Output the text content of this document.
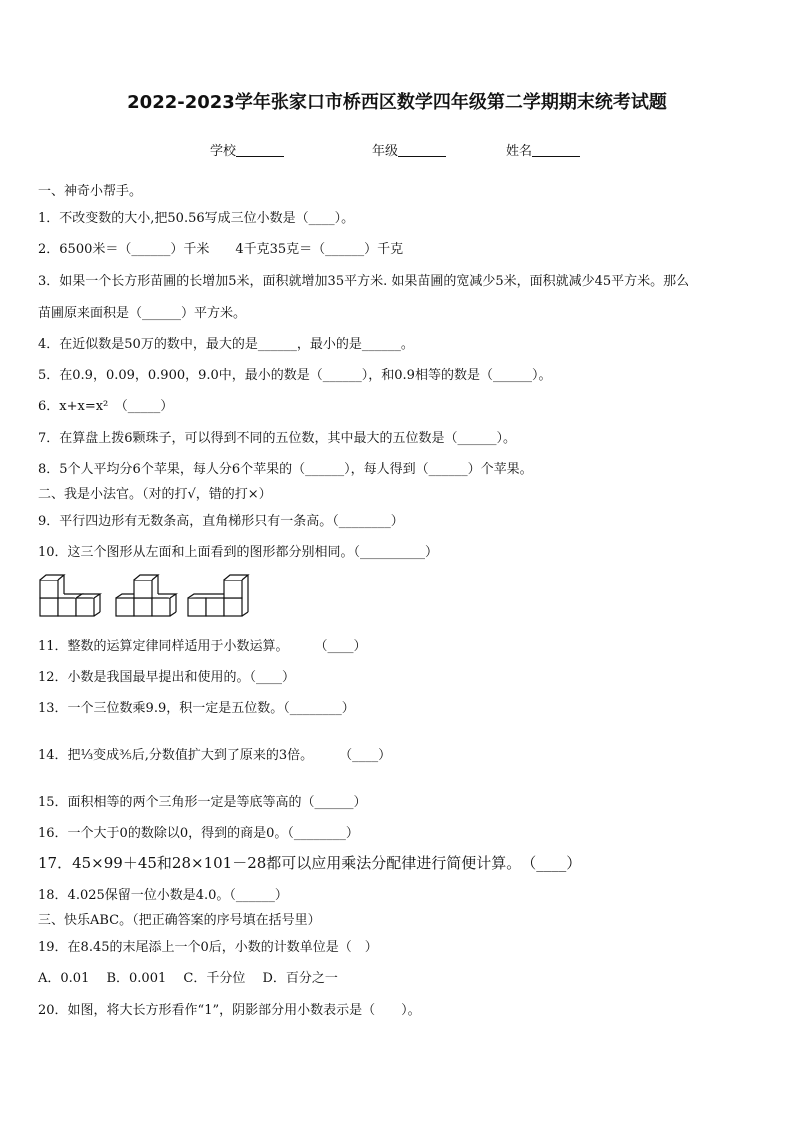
2022-2023学年张家口市桥西区数学四年级第二学期期末统考试题
学校	年级	姓名
一、神奇小帮手。
1．不改变数的大小,把50.56写成三位小数是（____）。
2．6500米＝（______）千米　　4千克35克＝（______）千克
3．如果一个长方形苗圃的长增加5米，面积就增加35平方米. 如果苗圃的宽减少5米，面积就减少45平方米。那么
苗圃原来面积是（______）平方米。
4．在近似数是50万的数中，最大的是______，最小的是______。
5．在0.9，0.09，0.900，9.0中，最小的数是（______），和0.9相等的数是（______）。
6．x+x=x²　（_____）
7．在算盘上拨6颗珠子，可以得到不同的五位数，其中最大的五位数是（______）。
8．5个人平均分6个苹果，每人分6个苹果的（______），每人得到（______）个苹果。
二、我是小法官。（对的打√，错的打×）
9．平行四边形有无数条高，直角梯形只有一条高。（________）
10．这三个图形从左面和上面看到的图形都分别相同。（__________）
11．整数的运算定律同样适用于小数运算。　　　（____）
12．小数是我国最早提出和使用的。（____）
13．一个三位数乘9.9，积一定是五位数。（________）
14．把⅓变成⅗后,分数值扩大到了原来的3倍。　　　（____）
15．面积相等的两个三角形一定是等底等高的（______）
16．一个大于0的数除以0，得到的商是0。（________）
17．45×99＋45和28×101－28都可以应用乘法分配律进行简便计算。　（____）
18．4.025保留一位小数是4.0。（______）
三、快乐ABC。（把正确答案的序号填在括号里）
19．在8.45的末尾添上一个0后，小数的计数单位是（　）
A．0.01　 B．0.001　 C．千分位　 D．百分之一
20．如图，将大长方形看作“1”，阴影部分用小数表示是（　　）。
